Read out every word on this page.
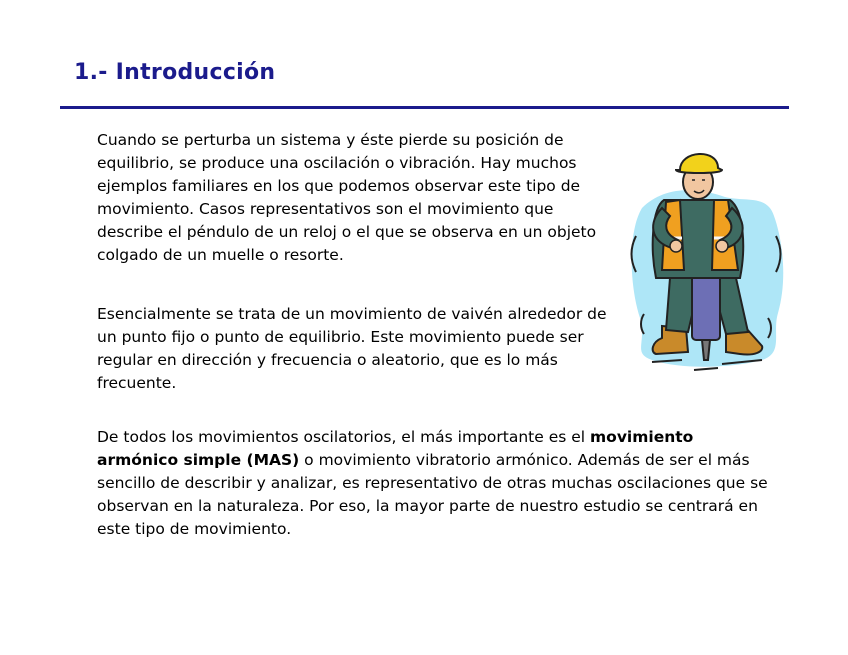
1.- Introducción

Cuando se perturba un sistema y éste pierde su posición de equilibrio, se produce una oscilación o vibración. Hay muchos ejemplos familiares en los que podemos observar este tipo de movimiento. Casos representativos son el movimiento que describe el péndulo de un reloj o el que se observa en un objeto colgado de un muelle o resorte.

Esencialmente se trata de un movimiento de vaivén alrededor de un punto fijo o punto de equilibrio. Este movimiento puede ser regular en dirección y frecuencia o aleatorio, que es lo más frecuente.

De todos los movimientos oscilatorios, el más importante es el movimiento armónico simple (MAS) o movimiento vibratorio armónico. Además de ser el más sencillo de describir y analizar, es representativo de otras muchas oscilaciones que se observan en la naturaleza. Por eso, la mayor parte de nuestro estudio se centrará en este tipo de movimiento.
